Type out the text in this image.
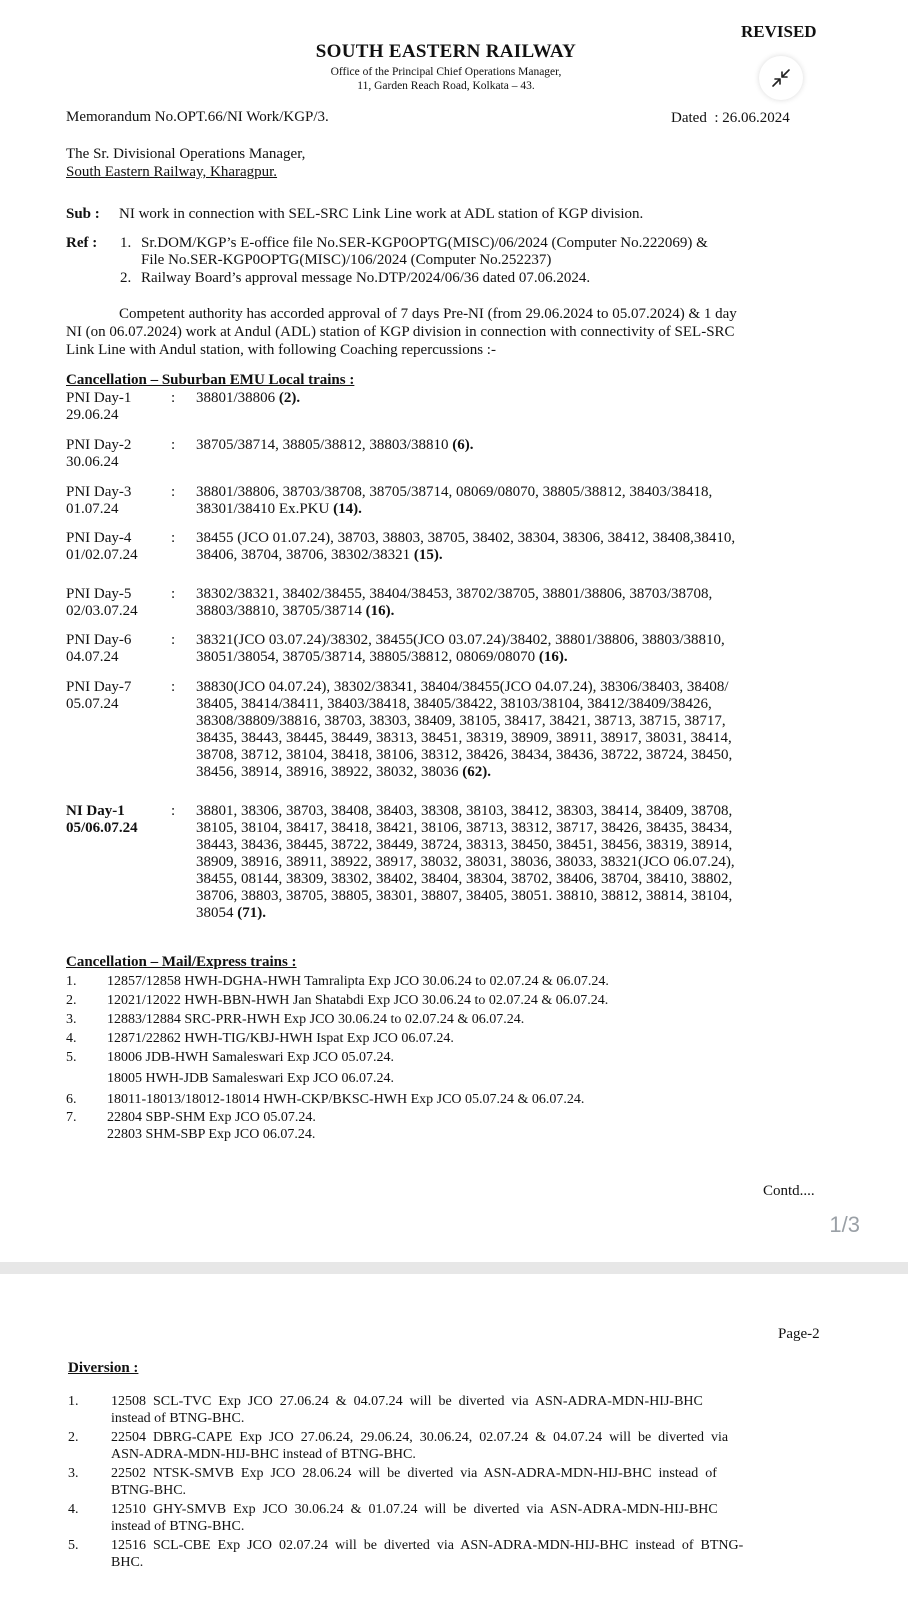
REVISED
SOUTH EASTERN RAILWAY
Office of the Principal Chief Operations Manager,
11, Garden Reach Road, Kolkata – 43.
Memorandum No.OPT.66/NI Work/KGP/3.	Dated  : 26.06.2024
The Sr. Divisional Operations Manager,
South Eastern Railway, Kharagpur.
Sub : NI work in connection with SEL-SRC Link Line work at ADL station of KGP division.
Ref : 1. Sr.DOM/KGP’s E-office file No.SER-KGP0OPTG(MISC)/06/2024 (Computer No.222069) &
File No.SER-KGP0OPTG(MISC)/106/2024 (Computer No.252237)
2. Railway Board’s approval message No.DTP/2024/06/36 dated 07.06.2024.
Competent authority has accorded approval of 7 days Pre-NI (from 29.06.2024 to 05.07.2024) & 1 day
NI (on 06.07.2024) work at Andul (ADL) station of KGP division in connection with connectivity of SEL-SRC
Link Line with Andul station, with following Coaching repercussions :-
Cancellation – Suburban EMU Local trains :
PNI Day-1
29.06.24
: 38801/38806 (2).
PNI Day-2
30.06.24
: 38705/38714, 38805/38812, 38803/38810 (6).
PNI Day-3
01.07.24
: 38801/38806, 38703/38708, 38705/38714, 08069/08070, 38805/38812, 38403/38418,
38301/38410 Ex.PKU (14).
PNI Day-4
01/02.07.24
: 38455 (JCO 01.07.24), 38703, 38803, 38705, 38402, 38304, 38306, 38412, 38408,38410,
38406, 38704, 38706, 38302/38321 (15).
PNI Day-5
02/03.07.24
: 38302/38321, 38402/38455, 38404/38453, 38702/38705, 38801/38806, 38703/38708,
38803/38810, 38705/38714 (16).
PNI Day-6
04.07.24
: 38321(JCO 03.07.24)/38302, 38455(JCO 03.07.24)/38402, 38801/38806, 38803/38810,
38051/38054, 38705/38714, 38805/38812, 08069/08070 (16).
PNI Day-7
05.07.24
: 38830(JCO 04.07.24), 38302/38341, 38404/38455(JCO 04.07.24), 38306/38403, 38408/
38405, 38414/38411, 38403/38418, 38405/38422, 38103/38104, 38412/38409/38426,
38308/38809/38816, 38703, 38303, 38409, 38105, 38417, 38421, 38713, 38715, 38717,
38435, 38443, 38445, 38449, 38313, 38451, 38319, 38909, 38911, 38917, 38031, 38414,
38708, 38712, 38104, 38418, 38106, 38312, 38426, 38434, 38436, 38722, 38724, 38450,
38456, 38914, 38916, 38922, 38032, 38036 (62).
NI Day-1
05/06.07.24
: 38801, 38306, 38703, 38408, 38403, 38308, 38103, 38412, 38303, 38414, 38409, 38708,
38105, 38104, 38417, 38418, 38421, 38106, 38713, 38312, 38717, 38426, 38435, 38434,
38443, 38436, 38445, 38722, 38449, 38724, 38313, 38450, 38451, 38456, 38319, 38914,
38909, 38916, 38911, 38922, 38917, 38032, 38031, 38036, 38033, 38321(JCO 06.07.24),
38455, 08144, 38309, 38302, 38402, 38404, 38304, 38702, 38406, 38704, 38410, 38802,
38706, 38803, 38705, 38805, 38301, 38807, 38405, 38051. 38810, 38812, 38814, 38104,
38054 (71).
Cancellation – Mail/Express trains :
1. 12857/12858 HWH-DGHA-HWH Tamralipta Exp JCO 30.06.24 to 02.07.24 & 06.07.24.
2. 12021/12022 HWH-BBN-HWH Jan Shatabdi Exp JCO 30.06.24 to 02.07.24 & 06.07.24.
3. 12883/12884 SRC-PRR-HWH Exp JCO 30.06.24 to 02.07.24 & 06.07.24.
4. 12871/22862 HWH-TIG/KBJ-HWH Ispat Exp JCO 06.07.24.
5. 18006 JDB-HWH Samaleswari Exp JCO 05.07.24.
18005 HWH-JDB Samaleswari Exp JCO 06.07.24.
6. 18011-18013/18012-18014 HWH-CKP/BKSC-HWH Exp JCO 05.07.24 & 06.07.24.
7. 22804 SBP-SHM Exp JCO 05.07.24.
22803 SHM-SBP Exp JCO 06.07.24.
Contd....
1/3
Page-2
Diversion :
1. 12508  SCL-TVC  Exp  JCO  27.06.24  &  04.07.24  will  be  diverted  via  ASN-ADRA-MDN-HIJ-BHC
instead of BTNG-BHC.
2. 22504  DBRG-CAPE  Exp  JCO  27.06.24,  29.06.24,  30.06.24,  02.07.24  &  04.07.24  will  be  diverted  via
ASN-ADRA-MDN-HIJ-BHC instead of BTNG-BHC.
3. 22502  NTSK-SMVB  Exp  JCO  28.06.24  will  be  diverted  via  ASN-ADRA-MDN-HIJ-BHC  instead  of
BTNG-BHC.
4. 12510  GHY-SMVB  Exp  JCO  30.06.24  &  01.07.24  will  be  diverted  via  ASN-ADRA-MDN-HIJ-BHC
instead of BTNG-BHC.
5. 12516  SCL-CBE  Exp  JCO  02.07.24  will  be  diverted  via  ASN-ADRA-MDN-HIJ-BHC  instead  of  BTNG-
BHC.
